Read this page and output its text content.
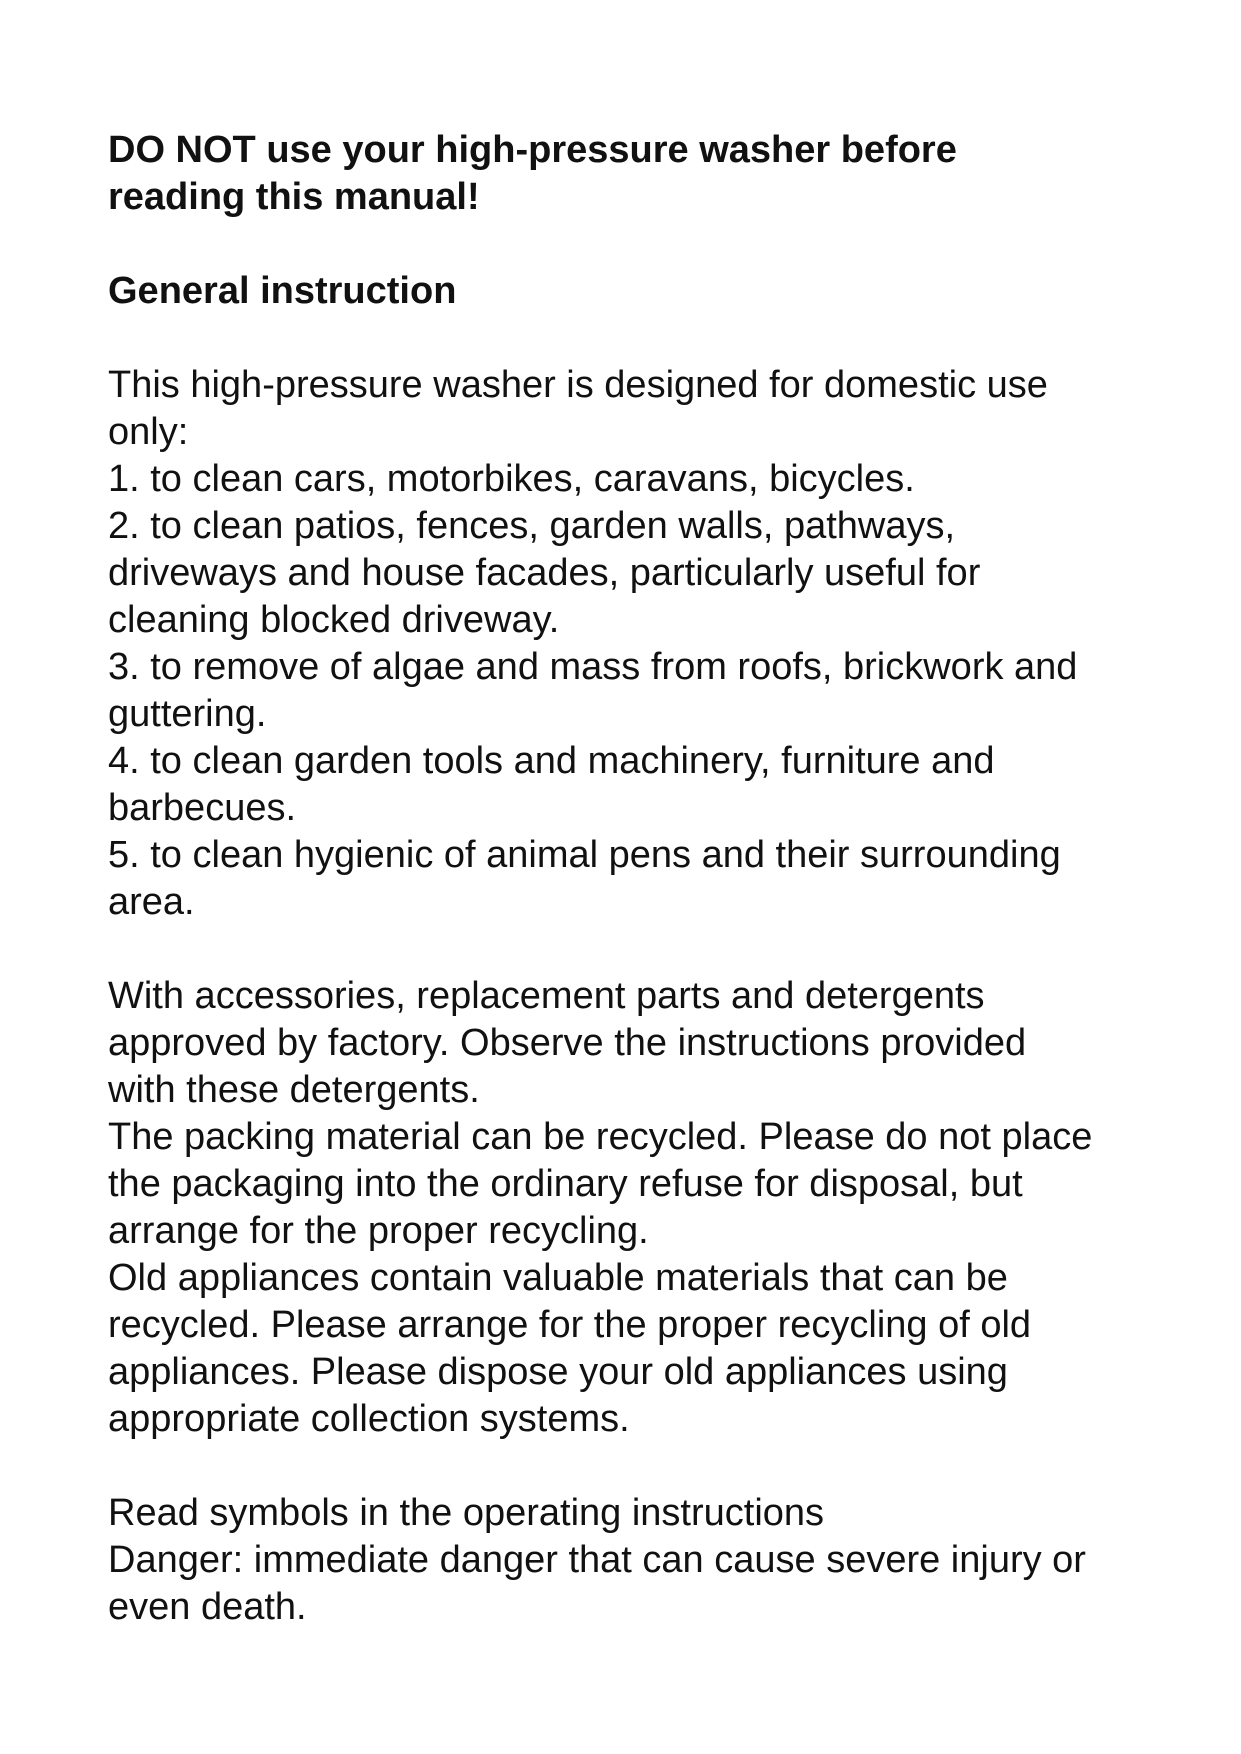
DO NOT use your high-pressure washer before

reading this manual!

General instruction

This high-pressure washer is designed for domestic use

only:

1. to clean cars, motorbikes, caravans, bicycles.

2. to clean patios, fences, garden walls, pathways,

driveways and house facades, particularly useful for

cleaning blocked driveway.

3. to remove of algae and mass from roofs, brickwork and

guttering.

4. to clean garden tools and machinery, furniture and

barbecues.

5. to clean hygienic of animal pens and their surrounding

area.

With accessories, replacement parts and detergents

approved by factory. Observe the instructions provided

with these detergents.

The packing material can be recycled. Please do not place

the packaging into the ordinary refuse for disposal, but

arrange for the proper recycling.

Old appliances contain valuable materials that can be

recycled. Please arrange for the proper recycling of old

appliances. Please dispose your old appliances using

appropriate collection systems.

Read symbols in the operating instructions

Danger: immediate danger that can cause severe injury or

even death.
